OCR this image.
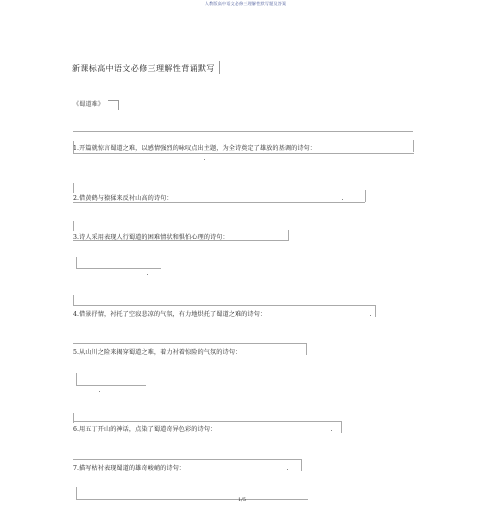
人教版高中语文必修三理解性默写题及答案
新课标高中语文必修三理解性背诵默写
《蜀道难》
1.开篇就惊言蜀道之难，以感情强烈的咏叹点出主题，为全诗奠定了雄放的基调的诗句：
2.借黄鹤与猿猱来反衬山高的诗句：
3.诗人采用表现人行蜀道的困难情状和惧怕心理的诗句：
4.借景抒情，衬托了空寂悲凉的气氛，有力地烘托了蜀道之难的诗句：
5.从山川之险来揭穿蜀道之难，着力衬着惊险的气氛的诗句：
6.用五丁开山的神话，点染了蜀道奇异色彩的诗句：
7.描写枯衬表现蜀道的雄奇峻峭的诗句：
1/5
